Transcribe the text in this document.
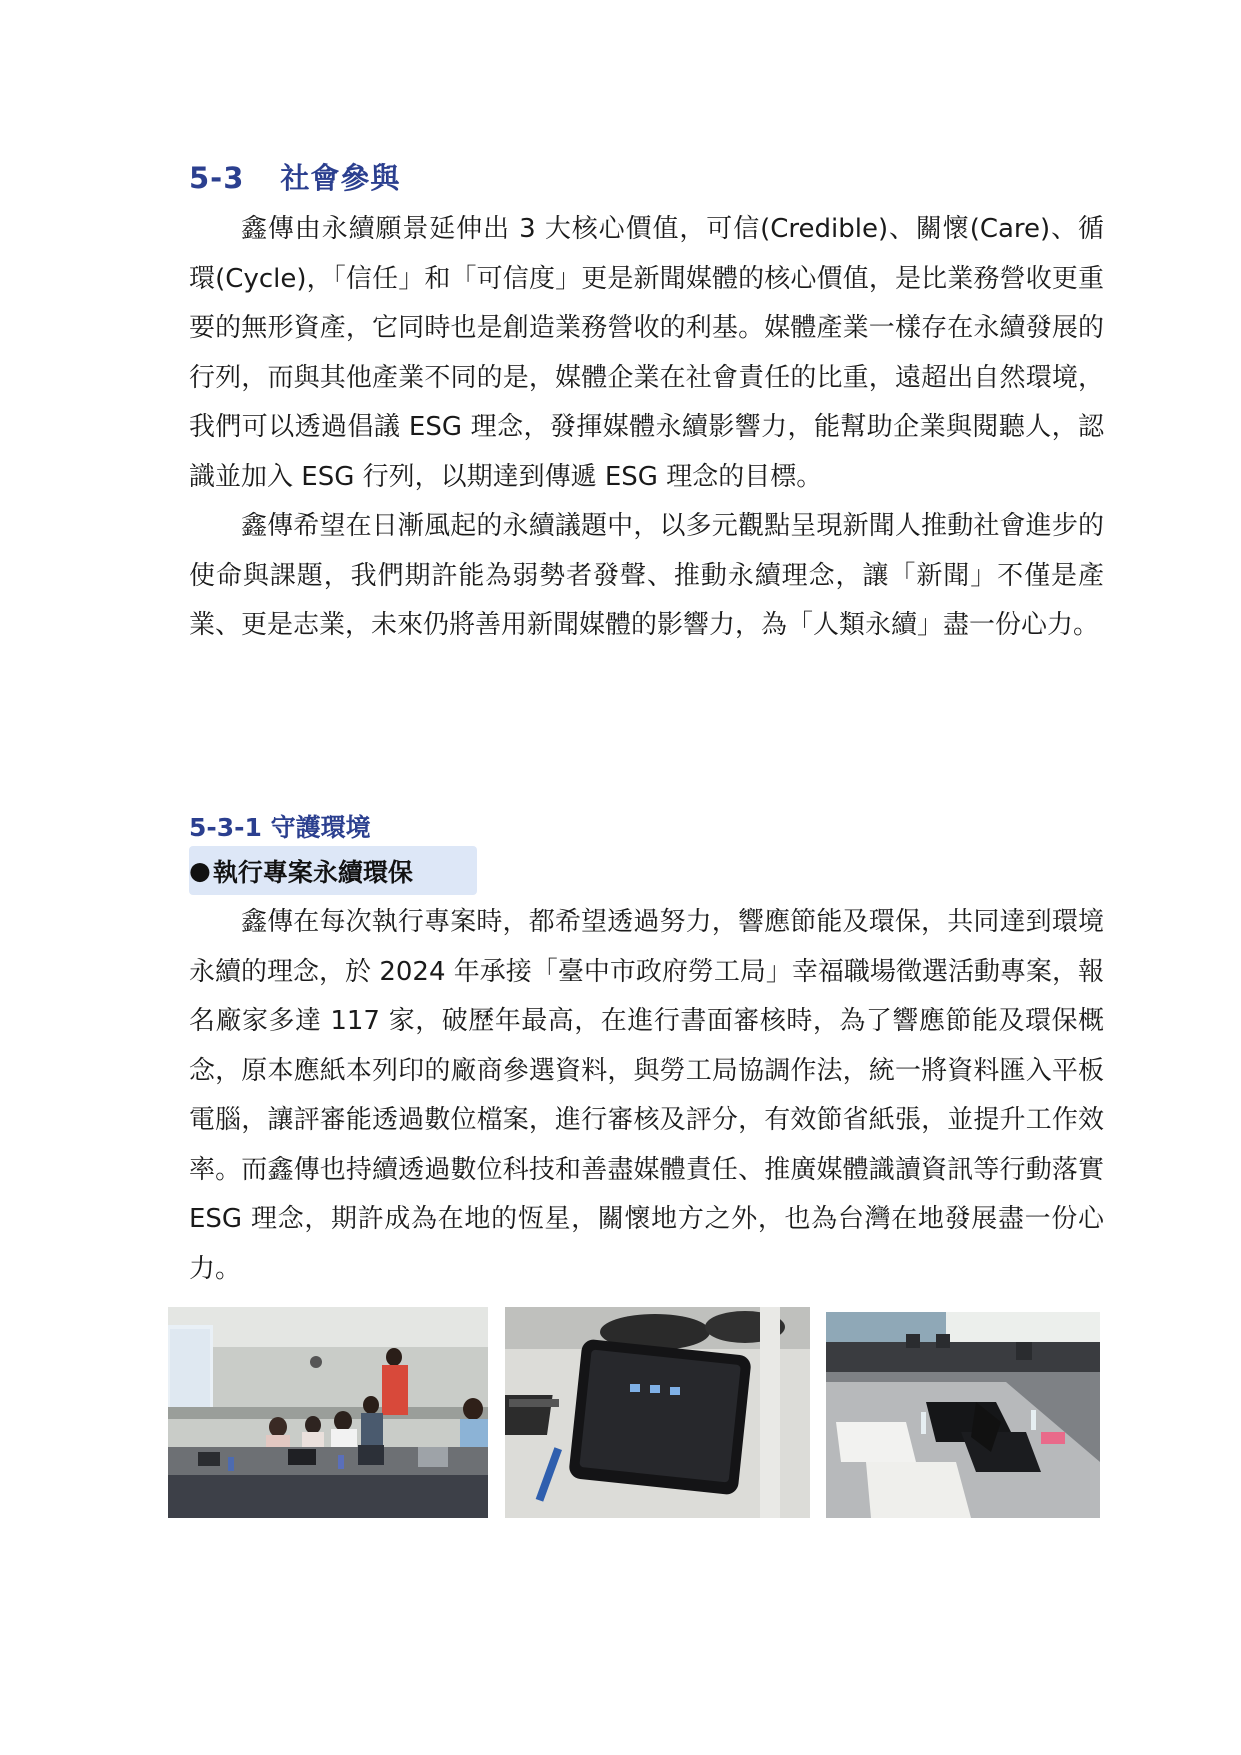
5-3 社會參與

鑫傳由永續願景延伸出 3 大核心價值，可信(Credible)、關懷(Care)、循環(Cycle)，「信任」和「可信度」更是新聞媒體的核心價值，是比業務營收更重要的無形資產，它同時也是創造業務營收的利基。媒體產業一樣存在永續發展的行列，而與其他產業不同的是，媒體企業在社會責任的比重，遠超出自然環境，我們可以透過倡議 ESG 理念，發揮媒體永續影響力，能幫助企業與閱聽人，認識並加入 ESG 行列，以期達到傳遞 ESG 理念的目標。

鑫傳希望在日漸風起的永續議題中，以多元觀點呈現新聞人推動社會進步的使命與課題，我們期許能為弱勢者發聲、推動永續理念，讓「新聞」不僅是產業、更是志業，未來仍將善用新聞媒體的影響力，為「人類永續」盡一份心力。

5-3-1 守護環境
● 執行專案永續環保

鑫傳在每次執行專案時，都希望透過努力，響應節能及環保，共同達到環境永續的理念，於 2024 年承接「臺中市政府勞工局」幸福職場徵選活動專案，報名廠家多達 117 家，破歷年最高，在進行書面審核時，為了響應節能及環保概念，原本應紙本列印的廠商參選資料，與勞工局協調作法，統一將資料匯入平板電腦，讓評審能透過數位檔案，進行審核及評分，有效節省紙張，並提升工作效率。而鑫傳也持續透過數位科技和善盡媒體責任、推廣媒體識讀資訊等行動落實 ESG 理念，期許成為在地的恆星，關懷地方之外，也為台灣在地發展盡一份心力。
